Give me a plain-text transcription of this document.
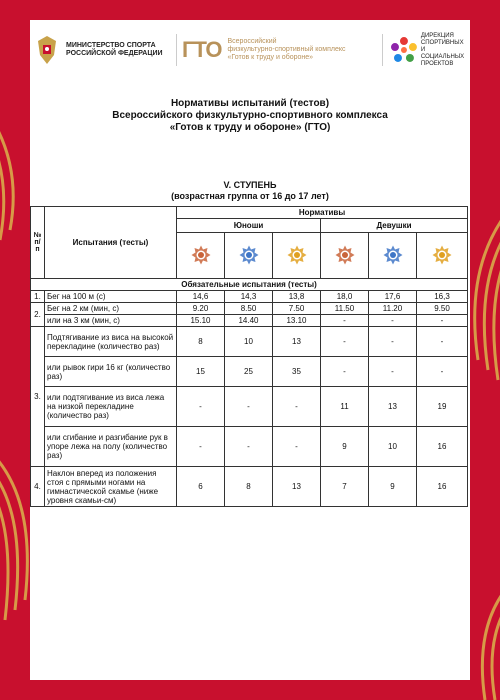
МИНИСТЕРСТВО СПОРТА
РОССИЙСКОЙ ФЕДЕРАЦИИ ГТО Всероссийский
физкультурно-спортивный комплекс
«Готов к труду и обороне»
ДИРЕКЦИЯ
СПОРТИВНЫХ
И СОЦИАЛЬНЫХ
ПРОЕКТОВ
Нормативы испытаний (тестов)
Всероссийского физкультурно-спортивного комплекса
«Готов к труду и обороне» (ГТО)
V. СТУПЕНЬ
(возрастная группа от 16 до 17 лет)
№ п/п	Испытания (тесты)	Нормативы					
		Юноши			Девушки		

Обязательные испытания (тесты)							
1.	Бег на 100 м (с)	14,6	14,3	13,8	18,0	17,6	16,3
2.	Бег на 2 км (мин, с)	9.20	8.50	7.50	11.50	11.20	9.50
	или на 3 км (мин, с)	15.10	14.40	13.10	-	-	-
3.	Подтягивание из виса на высокой перекладине (количество раз)	8	10	13	-	-	-
	или рывок гири 16 кг (количество раз)	15	25	35	-	-	-
	или подтягивание из виса лежа на низкой перекладине (количество раз)	-	-	-	11	13	19
	или сгибание и разгибание рук в упоре лежа на полу (количество раз)	-	-	-	9	10	16
4.	Наклон вперед из положения стоя с прямыми ногами на гимнастической скамье (ниже уровня скамьи-см)	6	8	13	7	9	16
